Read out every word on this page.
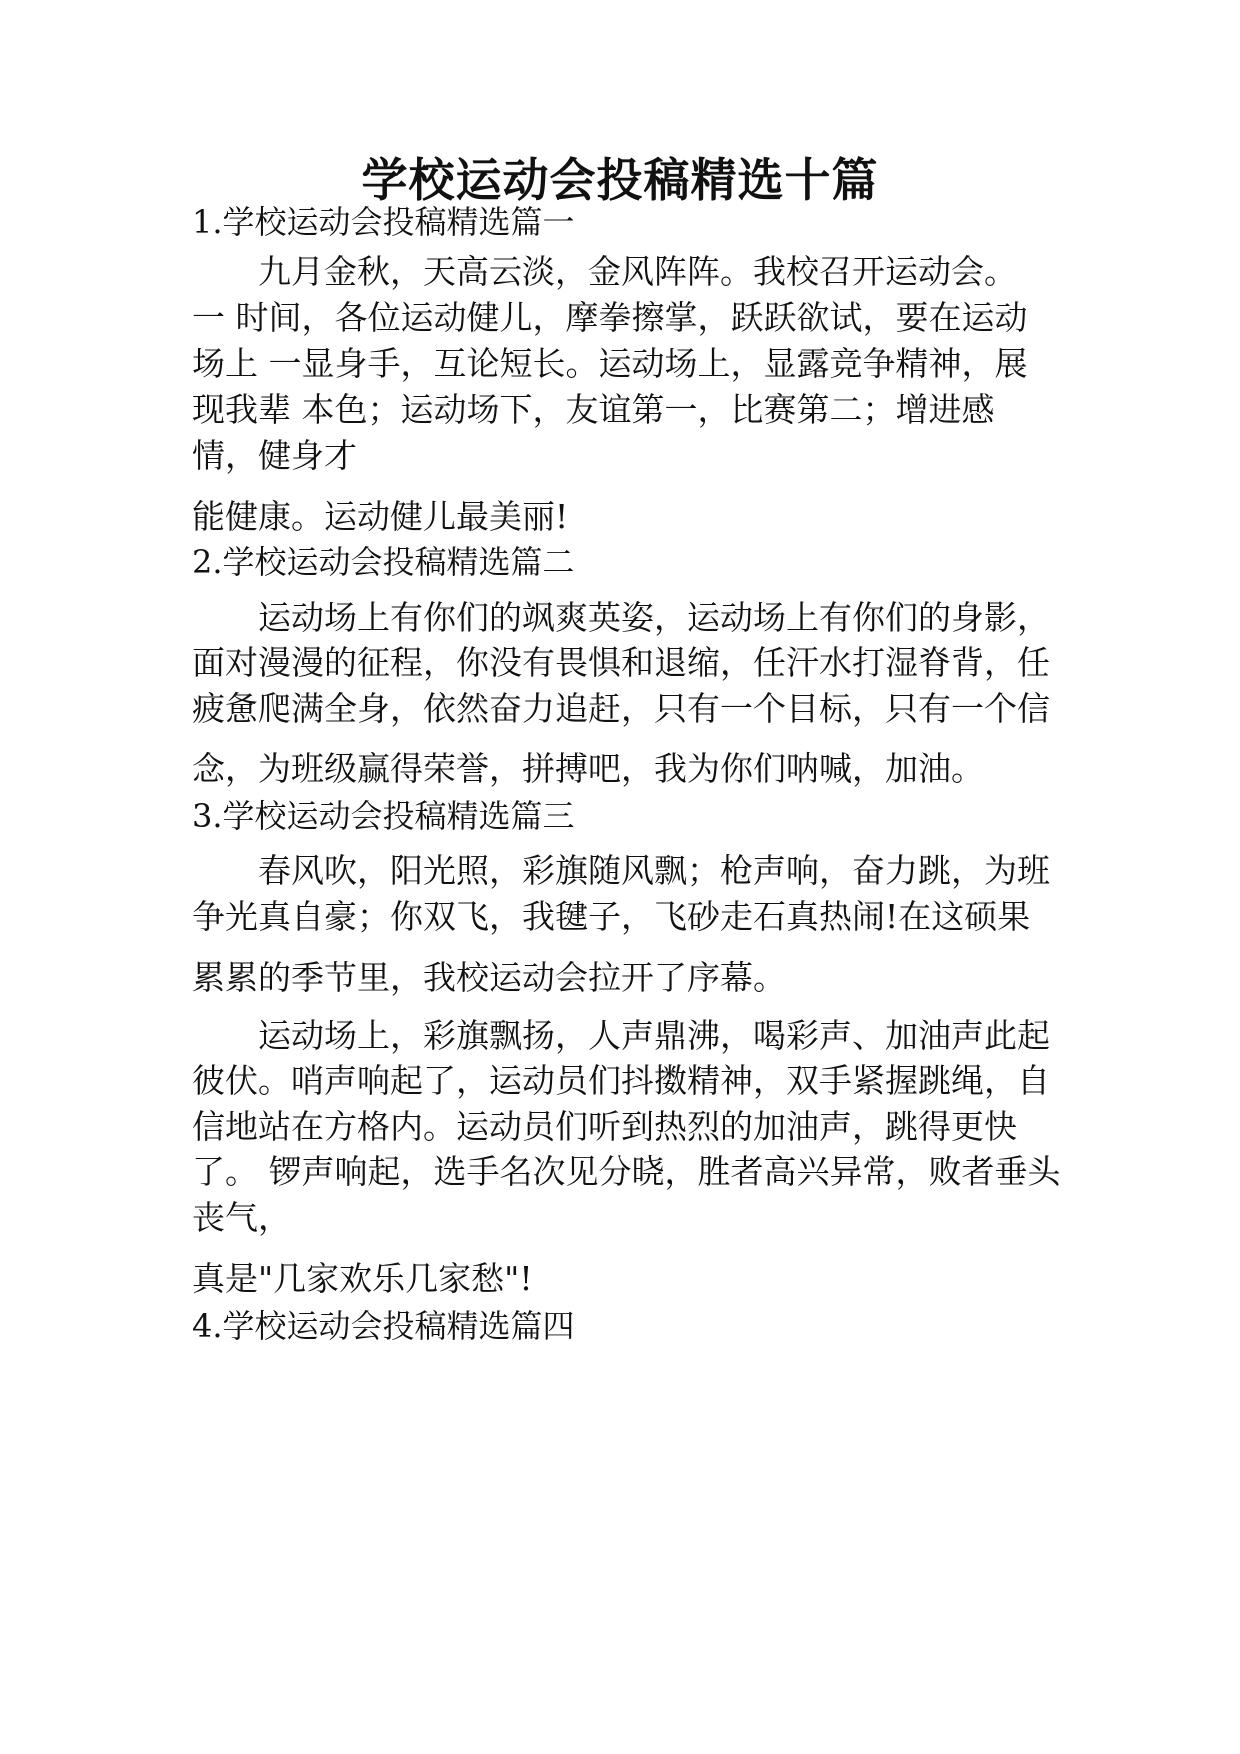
学校运动会投稿精选十篇

1.学校运动会投稿精选篇一

九月金秋，天高云淡，金风阵阵。我校召开运动会。

一 时间，各位运动健儿，摩拳擦掌，跃跃欲试，要在运动

场上 一显身手，互论短长。运动场上，显露竞争精神，展

现我辈 本色；运动场下，友谊第一，比赛第二；增进感

情，健身才

能健康。运动健儿最美丽!

2.学校运动会投稿精选篇二

运动场上有你们的飒爽英姿，运动场上有你们的身影，

面对漫漫的征程，你没有畏惧和退缩，任汗水打湿脊背，任

疲惫爬满全身，依然奋力追赶，只有一个目标，只有一个信

念，为班级赢得荣誉，拼搏吧，我为你们呐喊，加油。

3.学校运动会投稿精选篇三

春风吹，阳光照，彩旗随风飘；枪声响，奋力跳，为班

争光真自豪；你双飞，我毽子，飞砂走石真热闹!在这硕果

累累的季节里，我校运动会拉开了序幕。

运动场上，彩旗飘扬，人声鼎沸，喝彩声、加油声此起

彼伏。哨声响起了，运动员们抖擞精神，双手紧握跳绳，自

信地站在方格内。运动员们听到热烈的加油声，跳得更快

了。 锣声响起，选手名次见分晓，胜者高兴异常，败者垂头

丧气，

真是"几家欢乐几家愁"!

4.学校运动会投稿精选篇四
